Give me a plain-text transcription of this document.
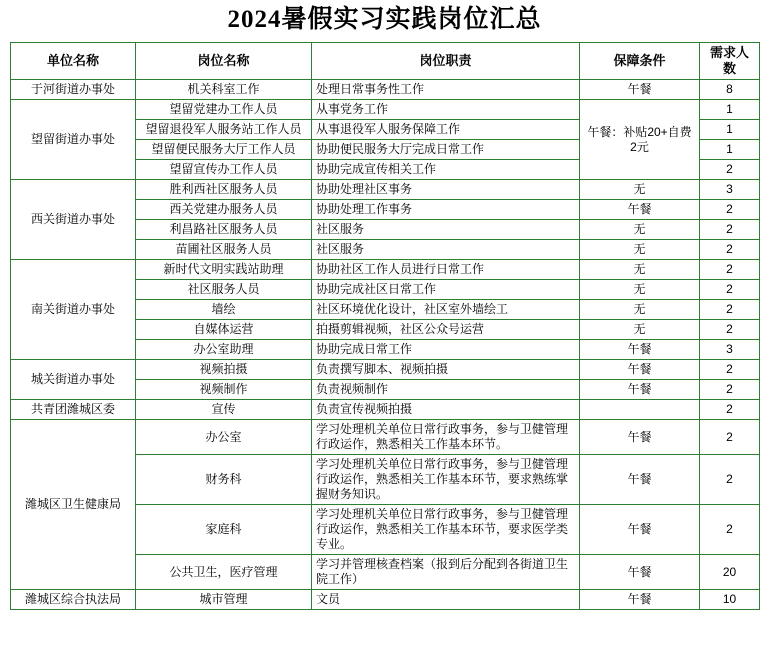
2024暑假实习实践岗位汇总
单位名称	岗位名称	岗位职责	保障条件	需求人数
于河街道办事处	机关科室工作	处理日常事务性工作	午餐	8
望留街道办事处	望留党建办工作人员	从事党务工作	午餐：补贴20+自费2元	1
	望留退役军人服务站工作人员	从事退役军人服务保障工作		1
	望留便民服务大厅工作人员	协助便民服务大厅完成日常工作		1
	望留宣传办工作人员	协助完成宣传相关工作		2
西关街道办事处	胜利西社区服务人员	协助处理社区事务	无	3
	西关党建办服务人员	协助处理工作事务	午餐	2
	利昌路社区服务人员	社区服务	无	2
	苗圃社区服务人员	社区服务	无	2
南关街道办事处	新时代文明实践站助理	协助社区工作人员进行日常工作	无	2
	社区服务人员	协助完成社区日常工作	无	2
	墙绘	社区环境优化设计，社区室外墙绘工	无	2
	自媒体运营	拍摄剪辑视频，社区公众号运营	无	2
	办公室助理	协助完成日常工作	午餐	3
城关街道办事处	视频拍摄	负责撰写脚本、视频拍摄	午餐	2
	视频制作	负责视频制作	午餐	2
共青团潍城区委	宣传	负责宣传视频拍摄		2
潍城区卫生健康局	办公室	学习处理机关单位日常行政事务，参与卫健管理行政运作，熟悉相关工作基本环节。	午餐	2
	财务科	学习处理机关单位日常行政事务，参与卫健管理行政运作，熟悉相关工作基本环节，要求熟练掌握财务知识。	午餐	2
	家庭科	学习处理机关单位日常行政事务，参与卫健管理行政运作，熟悉相关工作基本环节，要求医学类专业。	午餐	2
	公共卫生，医疗管理	学习并管理核查档案（报到后分配到各街道卫生院工作）	午餐	20
潍城区综合执法局	城市管理	文员	午餐	10
